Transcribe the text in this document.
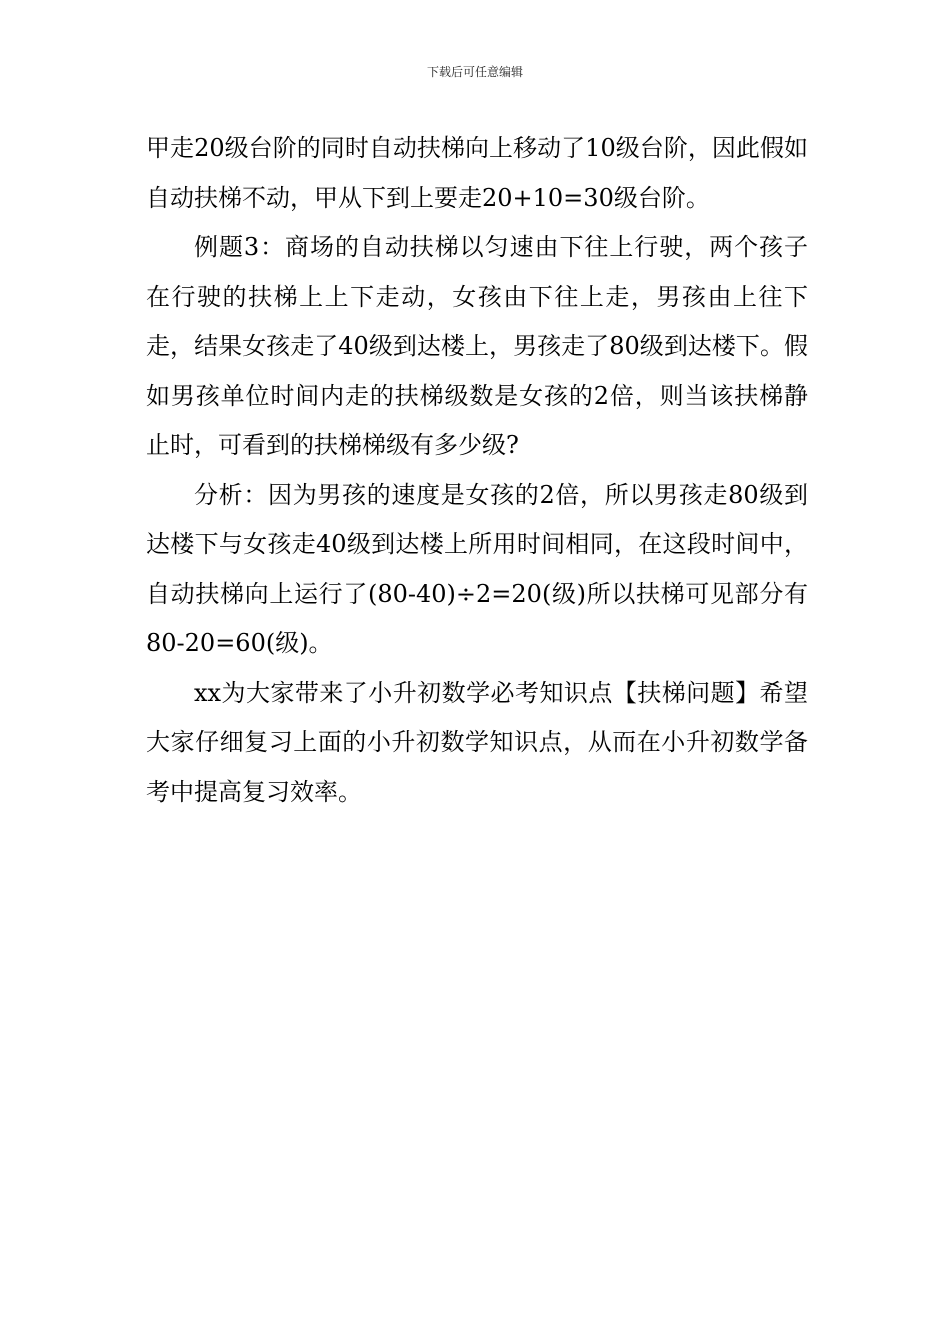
下载后可任意编辑

甲走20级台阶的同时自动扶梯向上移动了10级台阶，因此假如自动扶梯不动，甲从下到上要走20+10=30级台阶。

例题3：商场的自动扶梯以匀速由下往上行驶，两个孩子在行驶的扶梯上上下走动，女孩由下往上走，男孩由上往下走，结果女孩走了40级到达楼上，男孩走了80级到达楼下。假如男孩单位时间内走的扶梯级数是女孩的2倍，则当该扶梯静止时，可看到的扶梯梯级有多少级?

分析：因为男孩的速度是女孩的2倍，所以男孩走80级到达楼下与女孩走40级到达楼上所用时间相同，在这段时间中，自动扶梯向上运行了(80-40)÷2=20(级)所以扶梯可见部分有80-20=60(级)。

xx为大家带来了小升初数学必考知识点【扶梯问题】希望大家仔细复习上面的小升初数学知识点，从而在小升初数学备考中提高复习效率。
